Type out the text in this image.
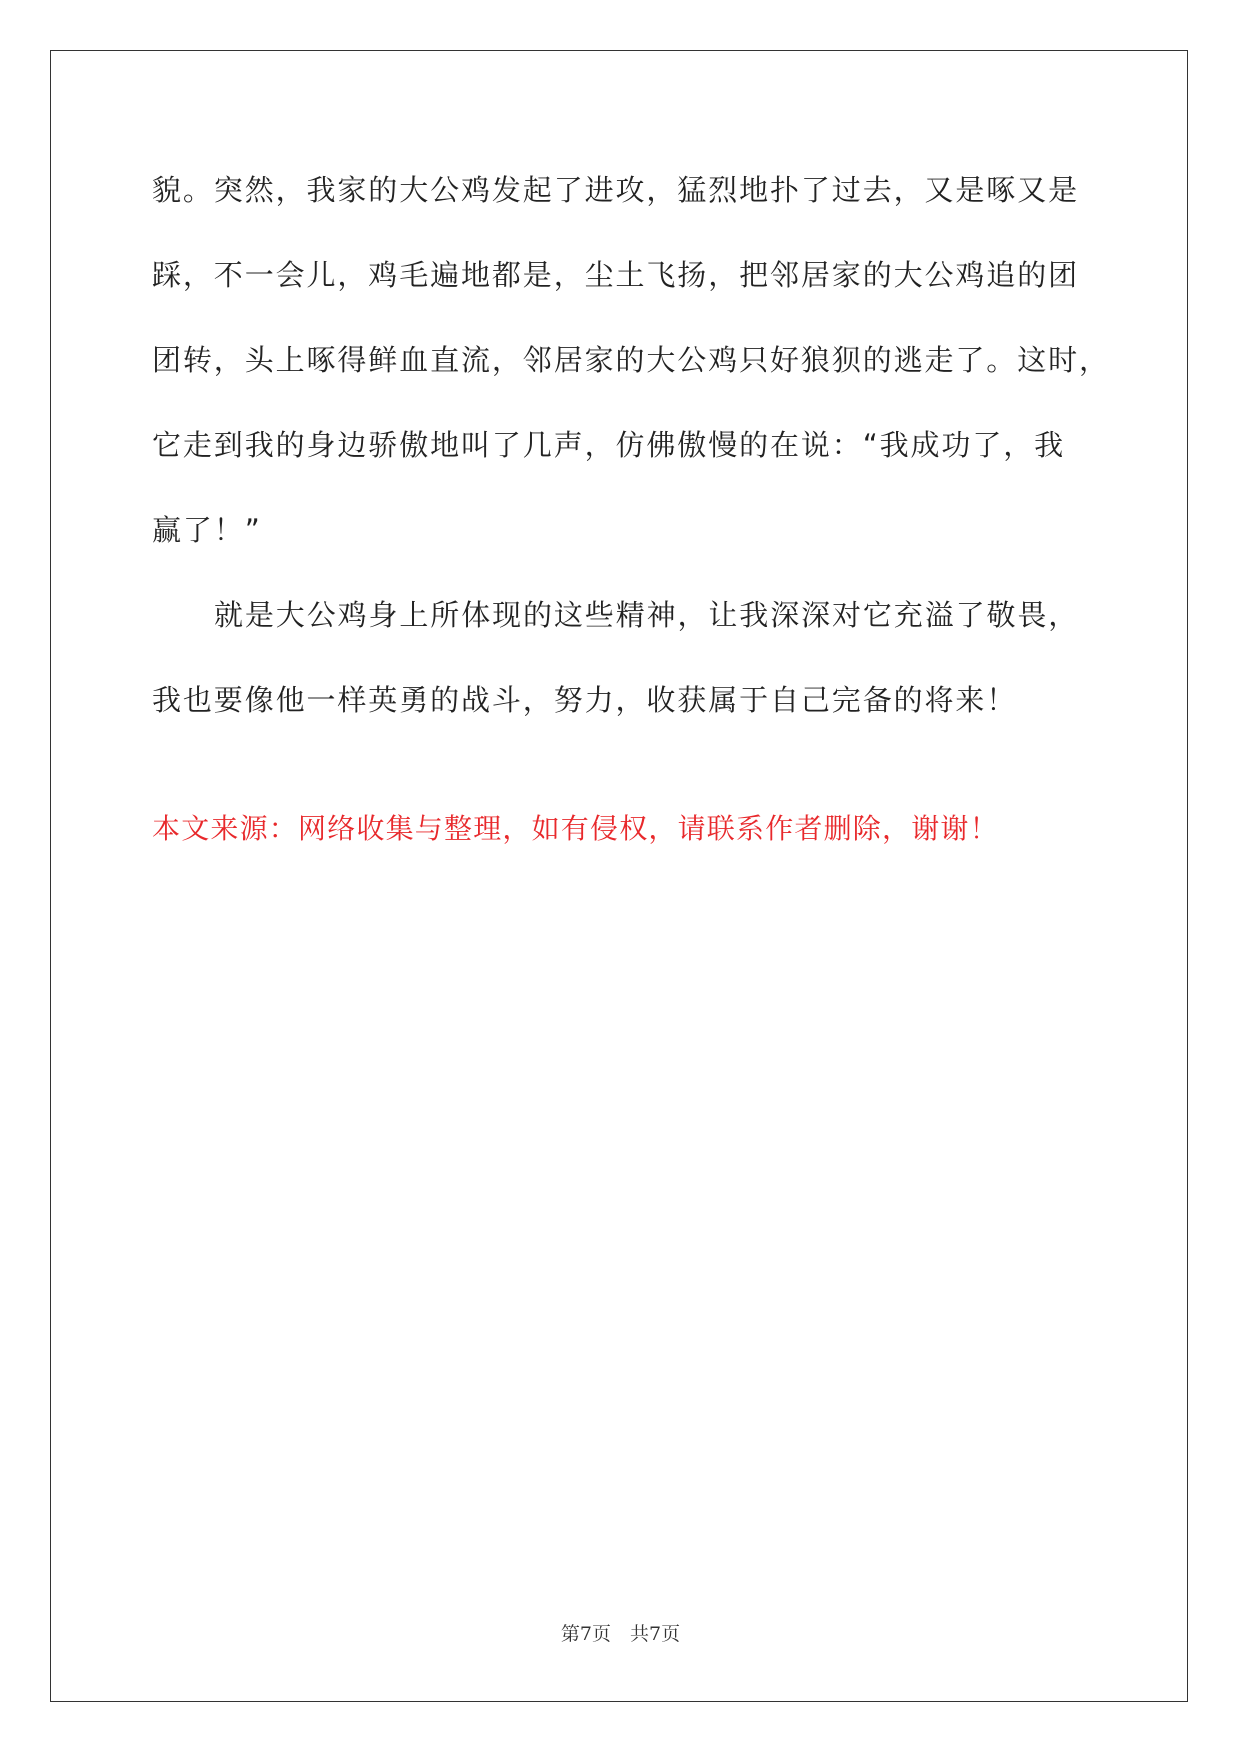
貌。突然，我家的大公鸡发起了进攻，猛烈地扑了过去，又是啄又是
踩，不一会儿，鸡毛遍地都是，尘土飞扬，把邻居家的大公鸡追的团
团转，头上啄得鲜血直流，邻居家的大公鸡只好狼狈的逃走了。这时，
它走到我的身边骄傲地叫了几声，仿佛傲慢的在说：“我成功了，我
赢了！”
就是大公鸡身上所体现的这些精神，让我深深对它充溢了敬畏，
我也要像他一样英勇的战斗，努力，收获属于自己完备的将来！
本文来源：网络收集与整理，如有侵权，请联系作者删除，谢谢！
第7页　共7页
